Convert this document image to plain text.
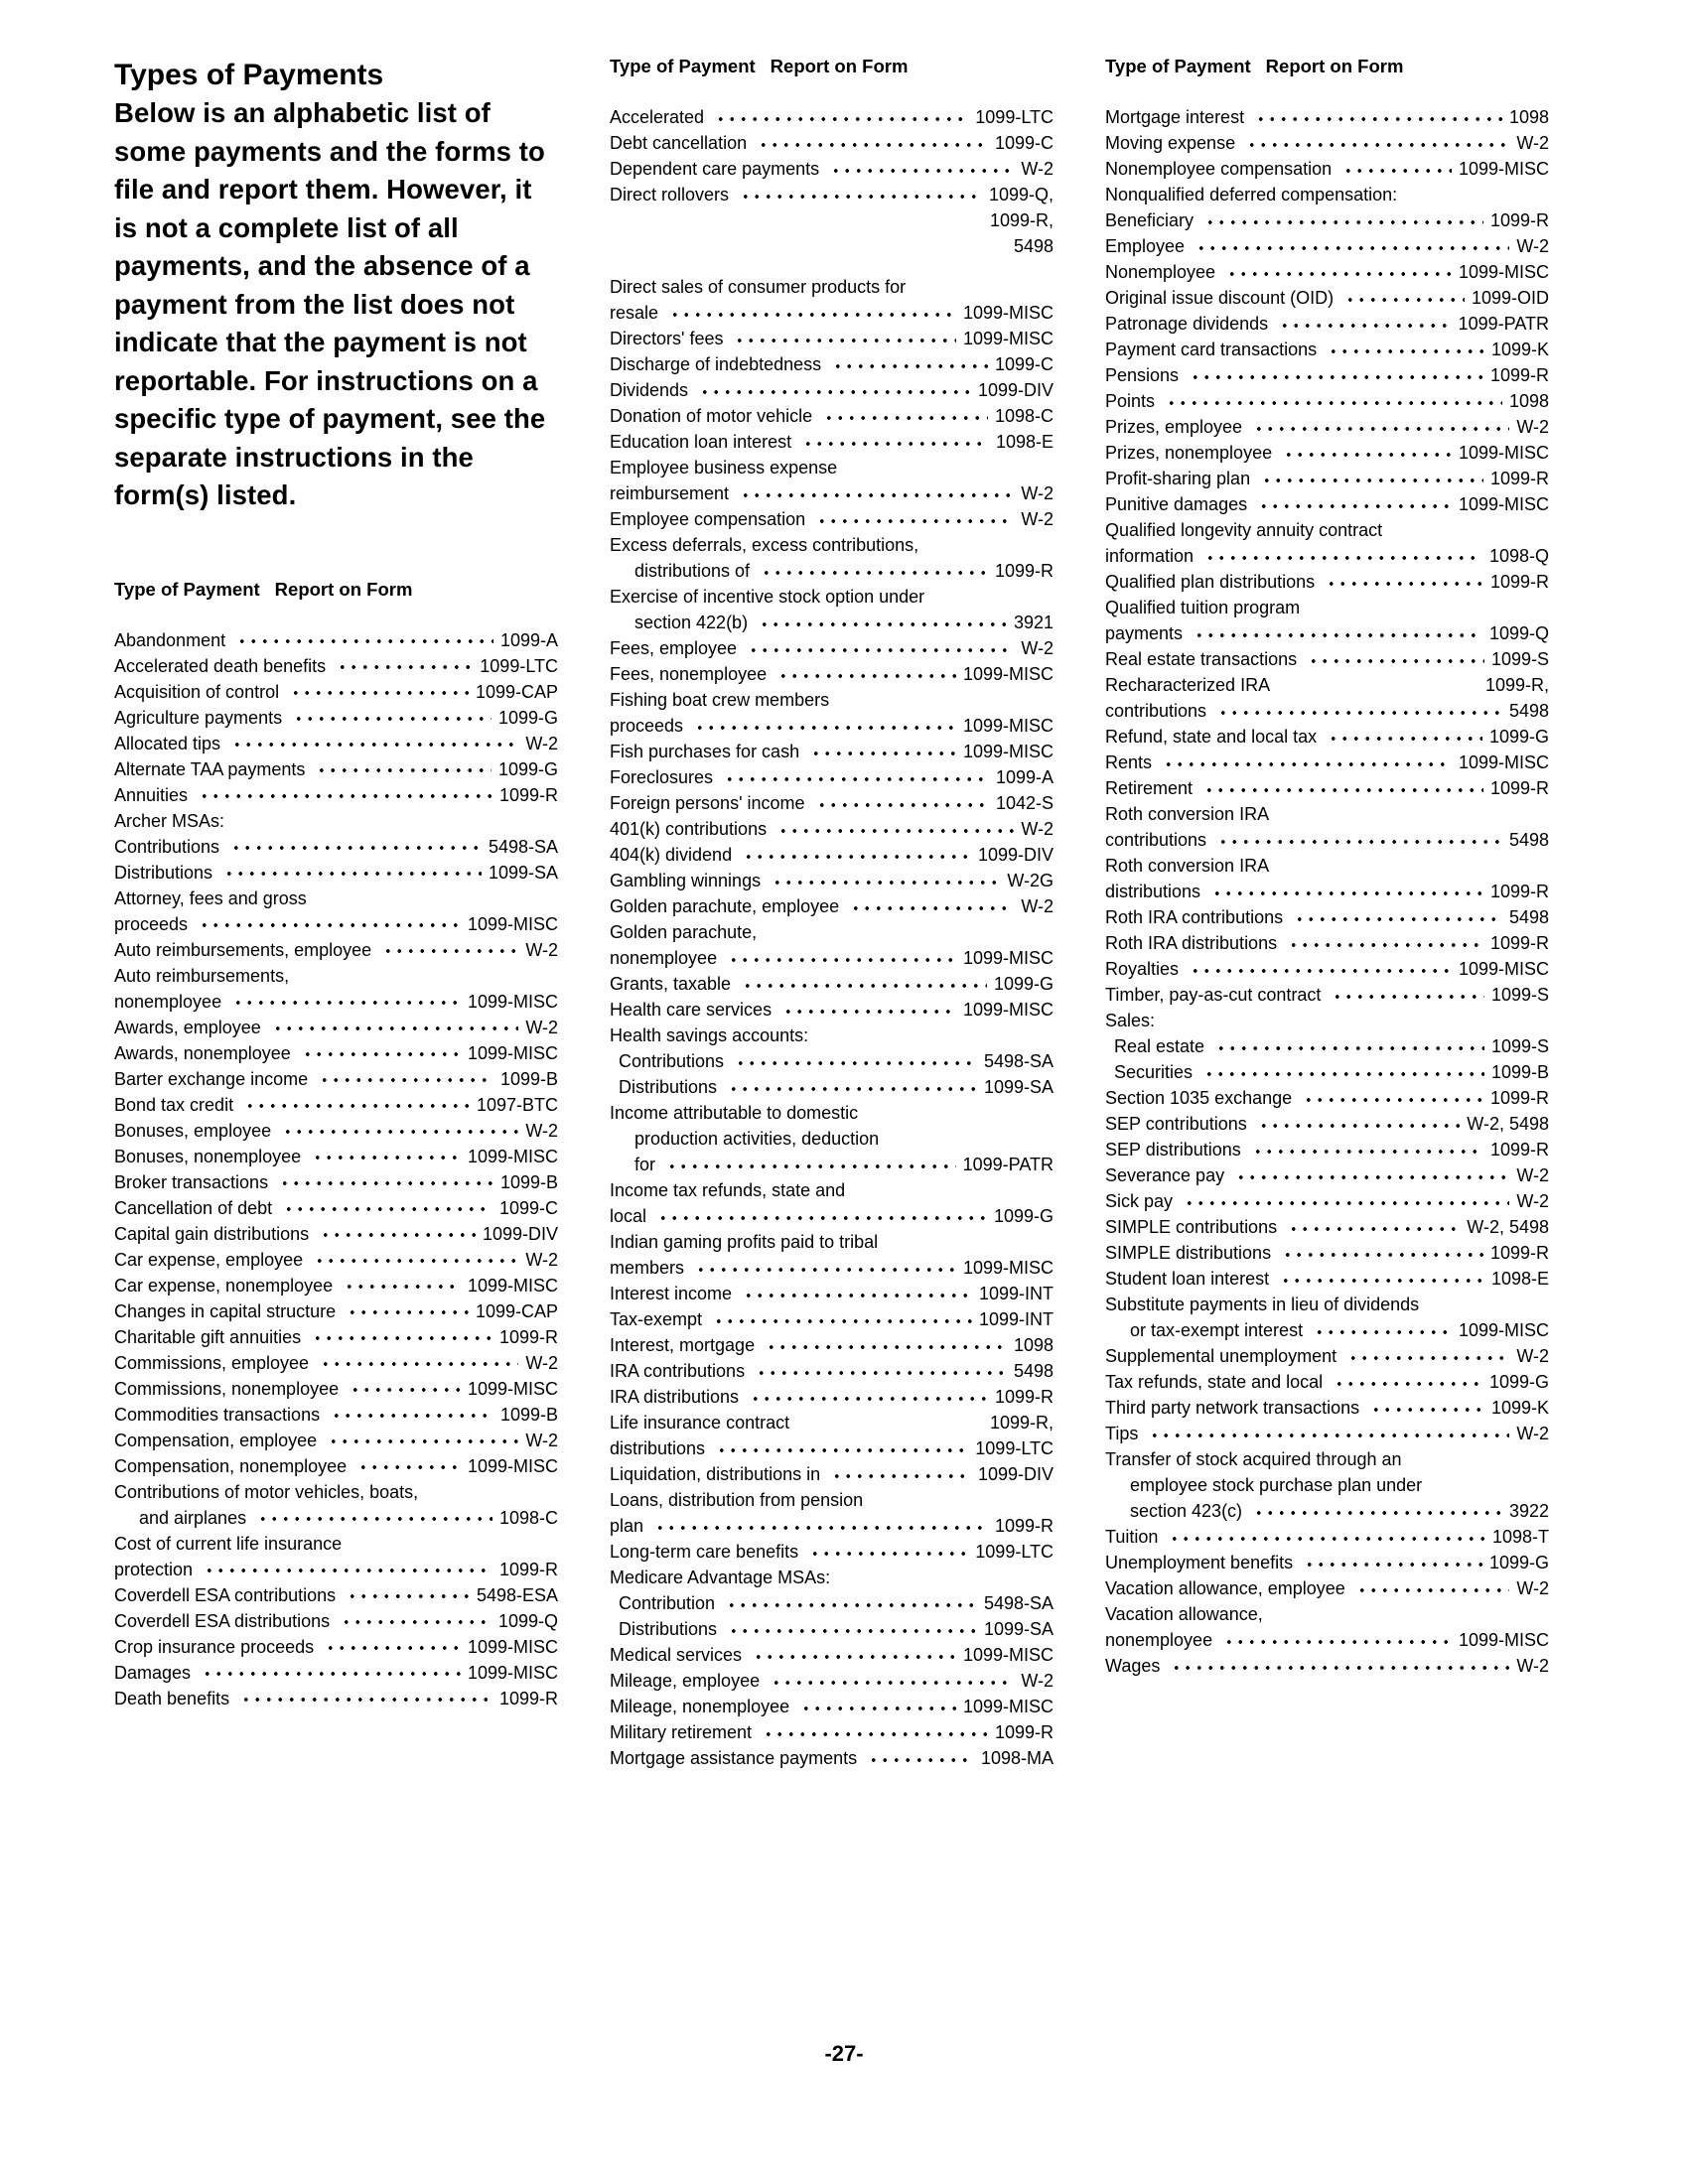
Types of Payments

Below is an alphabetic list of some payments and the forms to file and report them. However, it is not a complete list of all payments, and the absence of a payment from the list does not indicate that the payment is not reportable. For instructions on a specific type of payment, see the separate instructions in the form(s) listed.

Type of Payment Report on Form
Abandonment	1099-A
Accelerated death benefits	1099-LTC
Acquisition of control	1099-CAP
Agriculture payments	1099-G
Allocated tips	W-2
Alternate TAA payments	1099-G
Annuities	1099-R
Archer MSAs:
Contributions	5498-SA
Distributions	1099-SA
Attorney, fees and gross
proceeds	1099-MISC
Auto reimbursements, employee	W-2
Auto reimbursements,
nonemployee	1099-MISC
Awards, employee	W-2
Awards, nonemployee	1099-MISC
Barter exchange income	1099-B
Bond tax credit	1097-BTC
Bonuses, employee	W-2
Bonuses, nonemployee	1099-MISC
Broker transactions	1099-B
Cancellation of debt	1099-C
Capital gain distributions	1099-DIV
Car expense, employee	W-2
Car expense, nonemployee	1099-MISC
Changes in capital structure	1099-CAP
Charitable gift annuities	1099-R
Commissions, employee	W-2
Commissions, nonemployee	1099-MISC
Commodities transactions	1099-B
Compensation, employee	W-2
Compensation, nonemployee	1099-MISC
Contributions of motor vehicles, boats,
and airplanes	1098-C
Cost of current life insurance
protection	1099-R
Coverdell ESA contributions	5498-ESA
Coverdell ESA distributions	1099-Q
Crop insurance proceeds	1099-MISC
Damages	1099-MISC
Death benefits	1099-R
Type of Payment Report on Form
Accelerated	1099-LTC
Debt cancellation	1099-C
Dependent care payments	W-2
Direct rollovers	1099-Q,
1099-R,
5498
Direct sales of consumer products for
resale	1099-MISC
Directors' fees	1099-MISC
Discharge of indebtedness	1099-C
Dividends	1099-DIV
Donation of motor vehicle	1098-C
Education loan interest	1098-E
Employee business expense
reimbursement	W-2
Employee compensation	W-2
Excess deferrals, excess contributions,
distributions of	1099-R
Exercise of incentive stock option under
section 422(b)	3921
Fees, employee	W-2
Fees, nonemployee	1099-MISC
Fishing boat crew members
proceeds	1099-MISC
Fish purchases for cash	1099-MISC
Foreclosures	1099-A
Foreign persons' income	1042-S
401(k) contributions	W-2
404(k) dividend	1099-DIV
Gambling winnings	W-2G
Golden parachute, employee	W-2
Golden parachute,
nonemployee	1099-MISC
Grants, taxable	1099-G
Health care services	1099-MISC
Health savings accounts:
Contributions	5498-SA
Distributions	1099-SA
Income attributable to domestic
production activities, deduction
for	1099-PATR
Income tax refunds, state and
local	1099-G
Indian gaming profits paid to tribal
members	1099-MISC
Interest income	1099-INT
Tax-exempt	1099-INT
Interest, mortgage	1098
IRA contributions	5498
IRA distributions	1099-R
Life insurance contract	1099-R,
distributions	1099-LTC
Liquidation, distributions in	1099-DIV
Loans, distribution from pension
plan	1099-R
Long-term care benefits	1099-LTC
Medicare Advantage MSAs:
Contribution	5498-SA
Distributions	1099-SA
Medical services	1099-MISC
Mileage, employee	W-2
Mileage, nonemployee	1099-MISC
Military retirement	1099-R
Mortgage assistance payments	1098-MA
Type of Payment Report on Form
Mortgage interest	1098
Moving expense	W-2
Nonemployee compensation	1099-MISC
Nonqualified deferred compensation:
Beneficiary	1099-R
Employee	W-2
Nonemployee	1099-MISC
Original issue discount (OID)	1099-OID
Patronage dividends	1099-PATR
Payment card transactions	1099-K
Pensions	1099-R
Points	1098
Prizes, employee	W-2
Prizes, nonemployee	1099-MISC
Profit-sharing plan	1099-R
Punitive damages	1099-MISC
Qualified longevity annuity contract
information	1098-Q
Qualified plan distributions	1099-R
Qualified tuition program
payments	1099-Q
Real estate transactions	1099-S
Recharacterized IRA	1099-R,
contributions	5498
Refund, state and local tax	1099-G
Rents	1099-MISC
Retirement	1099-R
Roth conversion IRA
contributions	5498
Roth conversion IRA
distributions	1099-R
Roth IRA contributions	5498
Roth IRA distributions	1099-R
Royalties	1099-MISC
Timber, pay-as-cut contract	1099-S
Sales:
Real estate	1099-S
Securities	1099-B
Section 1035 exchange	1099-R
SEP contributions	W-2, 5498
SEP distributions	1099-R
Severance pay	W-2
Sick pay	W-2
SIMPLE contributions	W-2, 5498
SIMPLE distributions	1099-R
Student loan interest	1098-E
Substitute payments in lieu of dividends
or tax-exempt interest	1099-MISC
Supplemental unemployment	W-2
Tax refunds, state and local	1099-G
Third party network transactions	1099-K
Tips	W-2
Transfer of stock acquired through an
employee stock purchase plan under
section 423(c)	3922
Tuition	1098-T
Unemployment benefits	1099-G
Vacation allowance, employee	W-2
Vacation allowance,
nonemployee	1099-MISC
Wages	W-2
-27-
